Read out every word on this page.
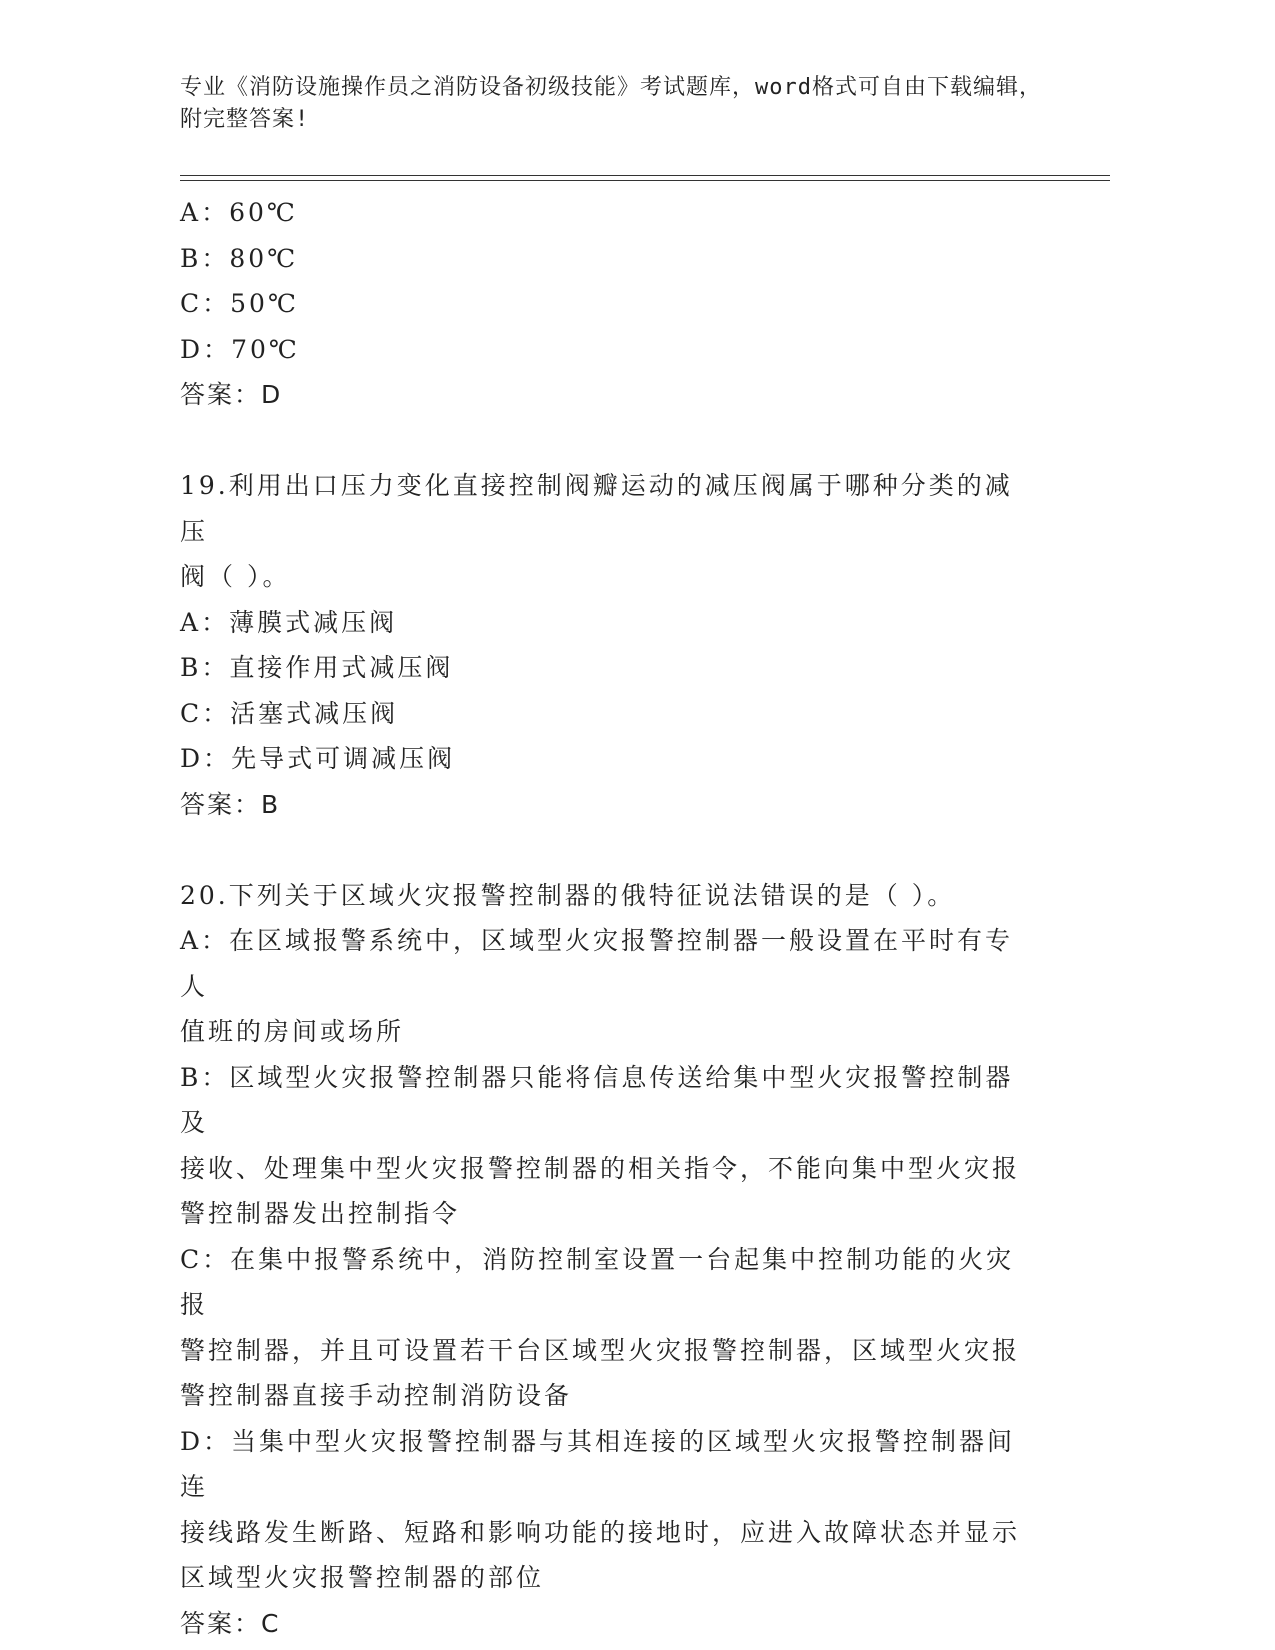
专业《消防设施操作员之消防设备初级技能》考试题库，word格式可自由下载编辑，附完整答案!
A：60℃
B：80℃
C：50℃
D：70℃
答案：D
19.利用出口压力变化直接控制阀瓣运动的减压阀属于哪种分类的减压
阀（ ）。
A：薄膜式减压阀
B：直接作用式减压阀
C：活塞式减压阀
D：先导式可调减压阀
答案：B
20.下列关于区域火灾报警控制器的俄特征说法错误的是（ ）。
A：在区域报警系统中，区域型火灾报警控制器一般设置在平时有专人
值班的房间或场所
B：区域型火灾报警控制器只能将信息传送给集中型火灾报警控制器及
接收、处理集中型火灾报警控制器的相关指令，不能向集中型火灾报
警控制器发出控制指令
C：在集中报警系统中，消防控制室设置一台起集中控制功能的火灾报
警控制器，并且可设置若干台区域型火灾报警控制器，区域型火灾报
警控制器直接手动控制消防设备
D：当集中型火灾报警控制器与其相连接的区域型火灾报警控制器间连
接线路发生断路、短路和影响功能的接地时，应进入故障状态并显示
区域型火灾报警控制器的部位
答案：C
